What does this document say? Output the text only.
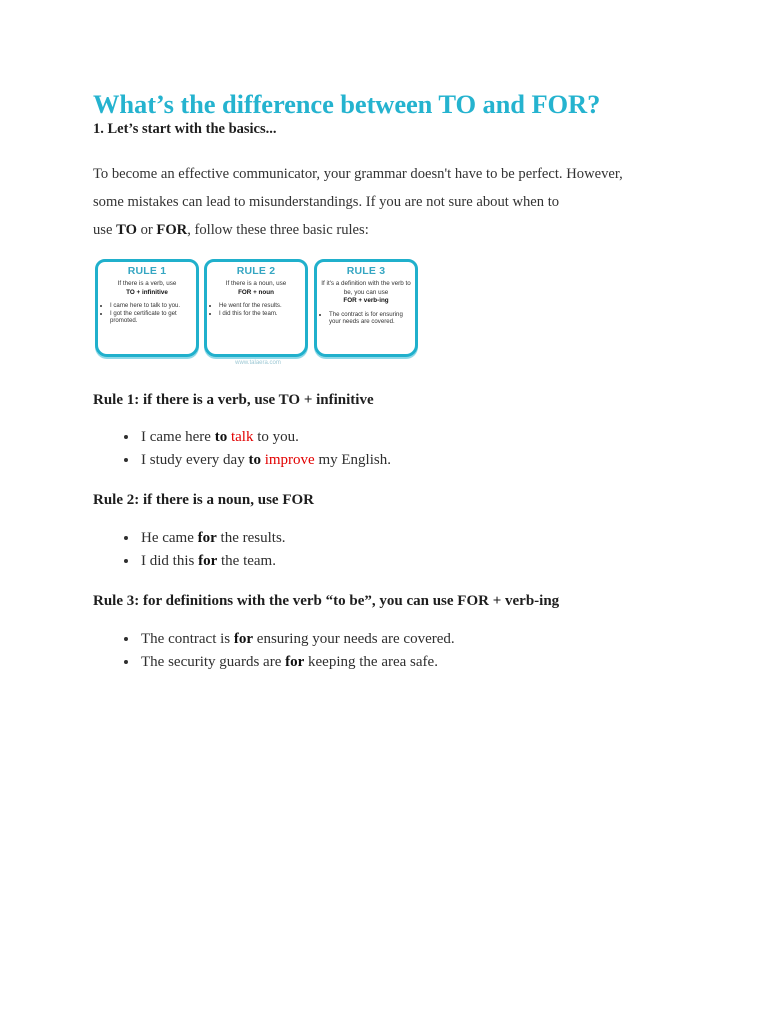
What’s the difference between TO and FOR?
1. Let’s start with the basics...

To become an effective communicator, your grammar doesn't have to be perfect. However,
some mistakes can lead to misunderstandings. If you are not sure about when to
use TO or FOR, follow these three basic rules:

RULE 1
If there is a verb, use
TO + infinitive
• I came here to talk to you.
• I got the certificate to get promoted.
RULE 2
If there is a noun, use
FOR + noun
• He went for the results.
• I did this for the team.
RULE 3
If it's a definition with the verb to be, you can use
FOR + verb-ing
• The contract is for ensuring your needs are covered.
www.talaera.com
Rule 1: if there is a verb, use TO + infinitive
• I came here to talk to you.
• I study every day to improve my English.
Rule 2: if there is a noun, use FOR
• He came for the results.
• I did this for the team.
Rule 3: for definitions with the verb “to be”, you can use FOR + verb-ing
• The contract is for ensuring your needs are covered.
• The security guards are for keeping the area safe.
